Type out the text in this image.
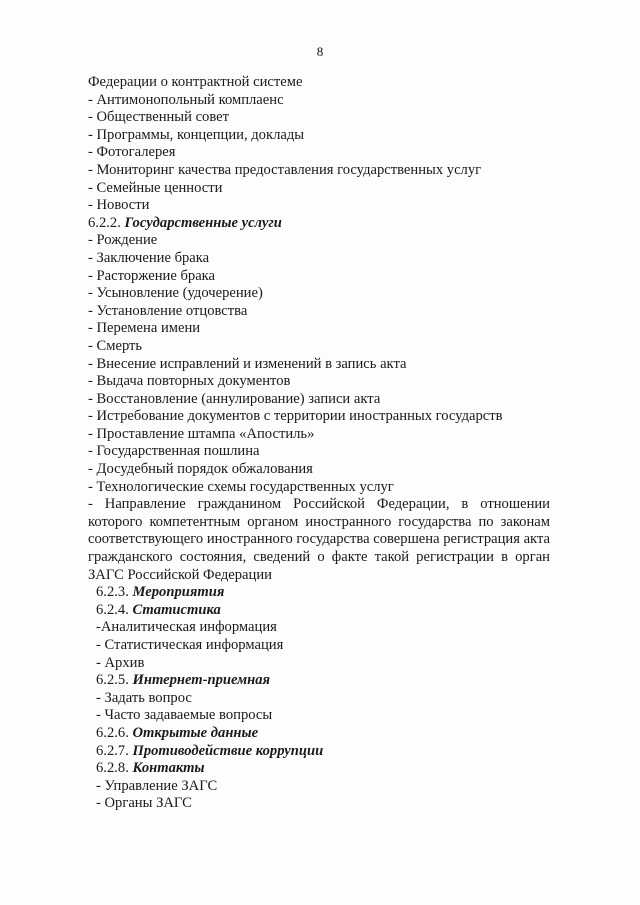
8
Федерации о контрактной системе
- Антимонопольный комплаенс
- Общественный совет
- Программы, концепции, доклады
- Фотогалерея
- Мониторинг качества предоставления государственных услуг
- Семейные ценности
- Новости
6.2.2. Государственные услуги
- Рождение
- Заключение брака
- Расторжение брака
- Усыновление (удочерение)
- Установление отцовства
- Перемена имени
- Смерть
- Внесение исправлений и изменений в запись акта
- Выдача повторных документов
- Восстановление (аннулирование) записи акта
- Истребование документов с территории иностранных государств
- Проставление штампа «Апостиль»
- Государственная пошлина
- Досудебный порядок обжалования
- Технологические схемы государственных услуг
- Направление гражданином Российской Федерации, в отношении которого компетентным органом иностранного государства по законам соответствующего иностранного государства совершена регистрация акта гражданского состояния, сведений о факте такой регистрации в орган ЗАГС Российской Федерации
6.2.3. Мероприятия
6.2.4. Статистика
-Аналитическая информация
- Статистическая информация
- Архив
6.2.5. Интернет-приемная
- Задать вопрос
- Часто задаваемые вопросы
6.2.6. Открытые данные
6.2.7. Противодействие коррупции
6.2.8. Контакты
- Управление ЗАГС
- Органы ЗАГС
